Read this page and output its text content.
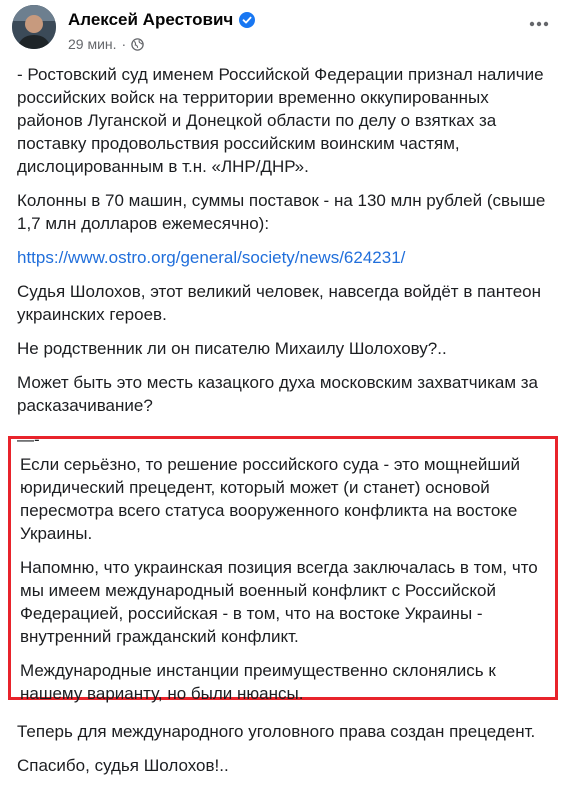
Алексей Арестович
29 мин. ·

- Ростовский суд именем Российской Федерации признал наличие российских войск на территории временно оккупированных районов Луганской и Донецкой области по делу о взятках за поставку продовольствия российским воинским частям, дислоцированным в т.н. «ЛНР/ДНР».

Колонны в 70 машин, суммы поставок - на 130 млн рублей (свыше 1,7 млн долларов ежемесячно):

https://www.ostro.org/general/society/news/624231/

Судья Шолохов, этот великий человек, навсегда войдёт в пантеон украинских героев.

Не родственник ли он писателю Михаилу Шолохову?..

Может быть это месть казацкого духа московским захватчикам за расказачивание?

—-

Если серьёзно, то решение российского суда - это мощнейший юридический прецедент, который может (и станет) основой пересмотра всего статуса вооруженного конфликта на востоке Украины.

Напомню, что украинская позиция всегда заключалась в том, что мы имеем международный военный конфликт с Российской Федерацией, российская - в том, что на востоке Украины - внутренний гражданский конфликт.

Международные инстанции преимущественно склонялись к нашему варианту, но были нюансы.

Теперь для международного уголовного права создан прецедент.

Спасибо, судья Шолохов!..
